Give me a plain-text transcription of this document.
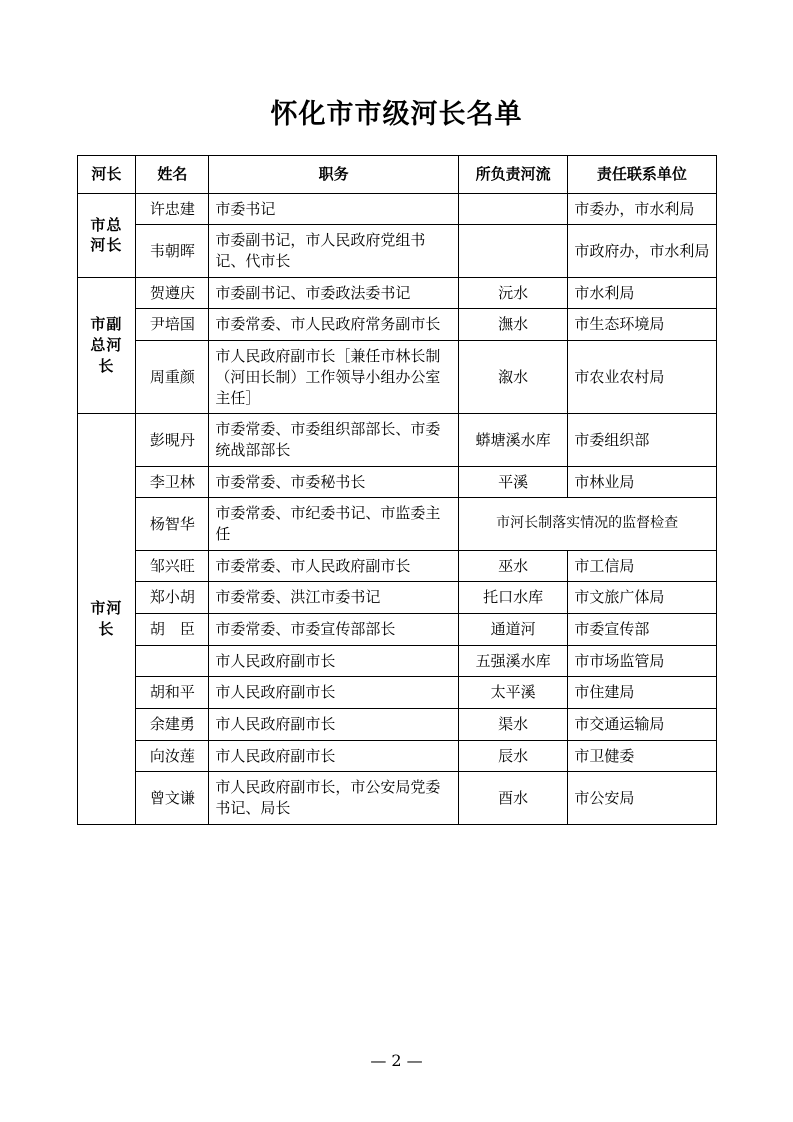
怀化市市级河长名单
河长	姓名	职务	所负责河流	责任联系单位
市总河长	许忠建	市委书记		市委办，市水利局
	韦朝晖	市委副书记，市人民政府党组书记、代市长		市政府办，市水利局
市副总河长	贺遵庆	市委副书记、市委政法委书记	沅水	市水利局
	尹培国	市委常委、市人民政府常务副市长	潕水	市生态环境局
	周重颜	市人民政府副市长［兼任市林长制（河田长制）工作领导小组办公室主任］	溆水	市农业农村局
市河长	彭晛丹	市委常委、市委组织部部长、市委统战部部长	蟒塘溪水库	市委组织部
	李卫林	市委常委、市委秘书长	平溪	市林业局
	杨智华	市委常委、市纪委书记、市监委主任	市河长制落实情况的监督检查	
	邹兴旺	市委常委、市人民政府副市长	巫水	市工信局
	郑小胡	市委常委、洪江市委书记	托口水库	市文旅广体局
	胡　臣	市委常委、市委宣传部部长	通道河	市委宣传部
		市人民政府副市长	五强溪水库	市市场监管局
	胡和平	市人民政府副市长	太平溪	市住建局
	余建勇	市人民政府副市长	渠水	市交通运输局
	向汝莲	市人民政府副市长	辰水	市卫健委
	曾文谦	市人民政府副市长，市公安局党委书记、局长	酉水	市公安局
— 2 —
